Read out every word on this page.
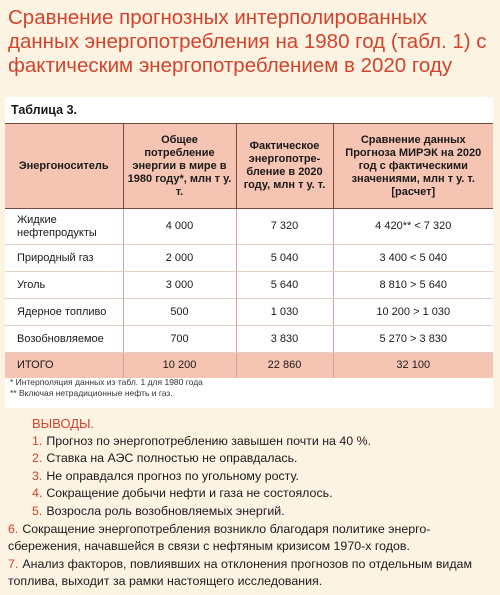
Сравнение прогнозных интерполированных данных энергопотребления на 1980 год (табл. 1) с фактическим энергопотреблением в 2020 году
Таблица 3.
Энергоноситель	Общее потребление энергии в мире в 1980 году*, млн т у. т.	Фактическое энергопотребление в 2020 году, млн т у. т.	Сравнение данных Прогноза МИРЭК на 2020 год с фактическими значениями, млн т у. т. [расчет]
Жидкие нефтепродукты	4 000	7 320	4 420** < 7 320
Природный газ	2 000	5 040	3 400 < 5 040
Уголь	3 000	5 640	8 810 > 5 640
Ядерное топливо	500	1 030	10 200 > 1 030
Возобновляемое	700	3 830	5 270 > 3 830
ИТОГО	10 200	22 860	32 100
* Интерполяция данных из табл. 1 для 1980 года
** Включая нетрадиционные нефть и газ.
ВЫВОДЫ.

1. Прогноз по энергопотреблению завышен почти на 40 %.

2. Ставка на АЭС полностью не оправдалась.

3. Не оправдался прогноз по угольному росту.

4. Сокращение добычи нефти и газа не состоялось.

5. Возросла роль возобновляемых энергий.

6. Сокращение энергопотребления возникло благодаря политике энергосбережения, начавшейся в связи с нефтяным кризисом 1970-х годов.

7. Анализ факторов, повлиявших на отклонения прогнозов по отдельным видам топлива, выходит за рамки настоящего исследования.
